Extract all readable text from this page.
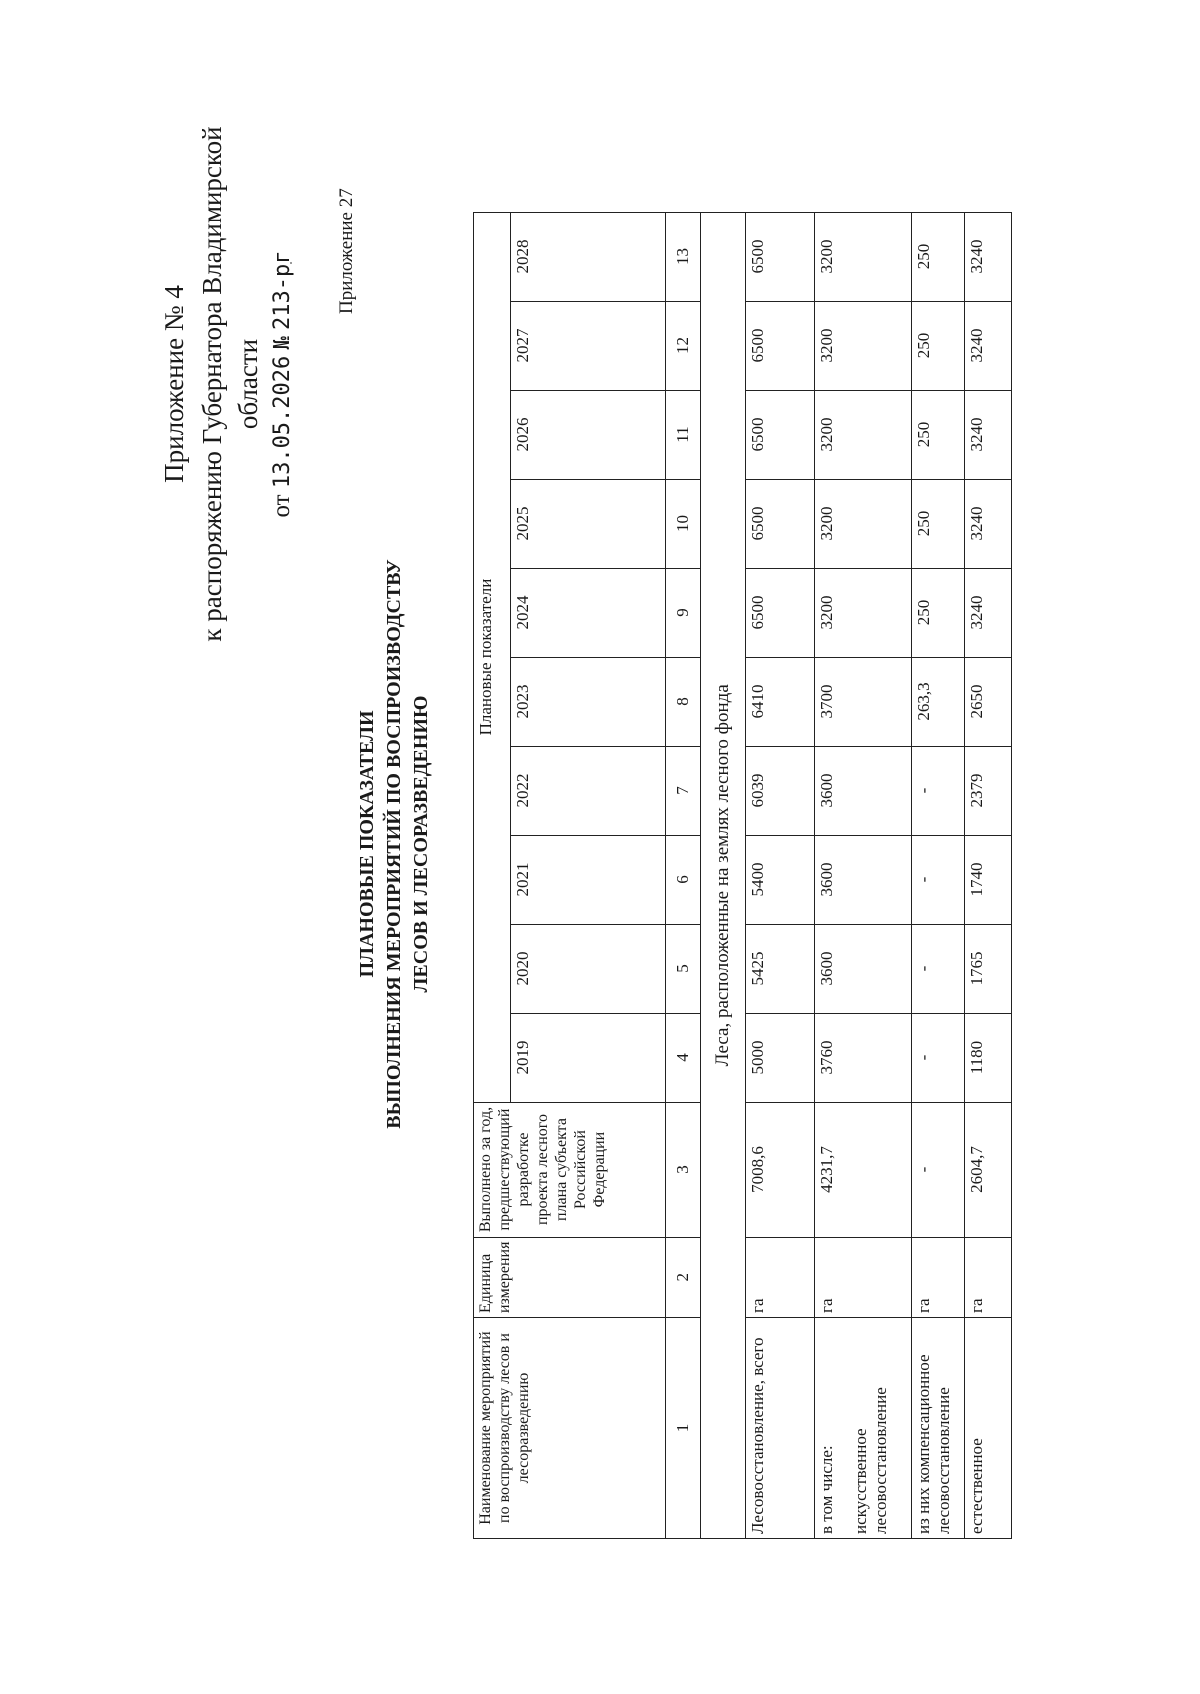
Приложение № 4 к распоряжению Губернатора Владимирской области
от 13.05.2026 № 213-рг Приложение 27
ПЛАНОВЫЕ ПОКАЗАТЕЛИ ВЫПОЛНЕНИЯ МЕРОПРИЯТИЙ ПО ВОСПРОИЗВОДСТВУ ЛЕСОВ И ЛЕСОРАЗВЕДЕНИЮ
Наименование мероприятий по воспроизводству лесов и лесоразведению	Единица измерения	Выполнено за год, предшествующий разработке проекта лесного плана субъекта Российской Федерации	Плановые показатели									
			2019	2020	2021	2022	2023	2024	2025	2026	2027	2028
1	2	3	4	5	6	7	8	9	10	11	12	13
Леса, расположенные на землях лесного фонда												
Лесовосстановление, всего	га	7008,6	5000	5425	5400	6039	6410	6500	6500	6500	6500	6500

в том числе: искусственное лесовосстановление	га	4231,7	3760	3600	3600	3600	3700	3200	3200	3200	3200	3200
из них компенсационное лесовосстановление	га	-	-	-	-	-	263,3	250	250	250	250	250
естественное	га	2604,7	1180	1765	1740	2379	2650	3240	3240	3240	3240	3240
